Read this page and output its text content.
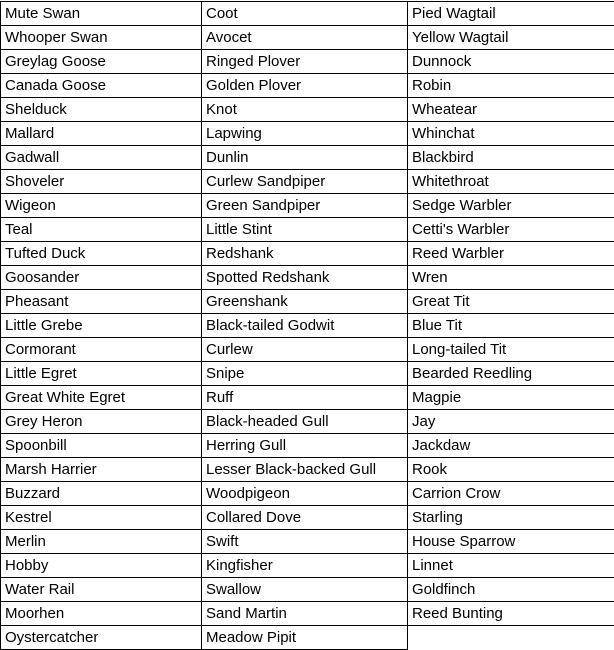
Mute Swan	Coot	Pied Wagtail
Whooper Swan	Avocet	Yellow Wagtail
Greylag Goose	Ringed Plover	Dunnock
Canada Goose	Golden Plover	Robin
Shelduck	Knot	Wheatear
Mallard	Lapwing	Whinchat
Gadwall	Dunlin	Blackbird
Shoveler	Curlew Sandpiper	Whitethroat
Wigeon	Green Sandpiper	Sedge Warbler
Teal	Little Stint	Cetti's Warbler
Tufted Duck	Redshank	Reed Warbler
Goosander	Spotted Redshank	Wren
Pheasant	Greenshank	Great Tit
Little Grebe	Black-tailed Godwit	Blue Tit
Cormorant	Curlew	Long-tailed Tit
Little Egret	Snipe	Bearded Reedling
Great White Egret	Ruff	Magpie
Grey Heron	Black-headed Gull	Jay
Spoonbill	Herring Gull	Jackdaw
Marsh Harrier	Lesser Black-backed Gull	Rook
Buzzard	Woodpigeon	Carrion Crow
Kestrel	Collared Dove	Starling
Merlin	Swift	House Sparrow
Hobby	Kingfisher	Linnet
Water Rail	Swallow	Goldfinch
Moorhen	Sand Martin	Reed Bunting
Oystercatcher	Meadow Pipit	
